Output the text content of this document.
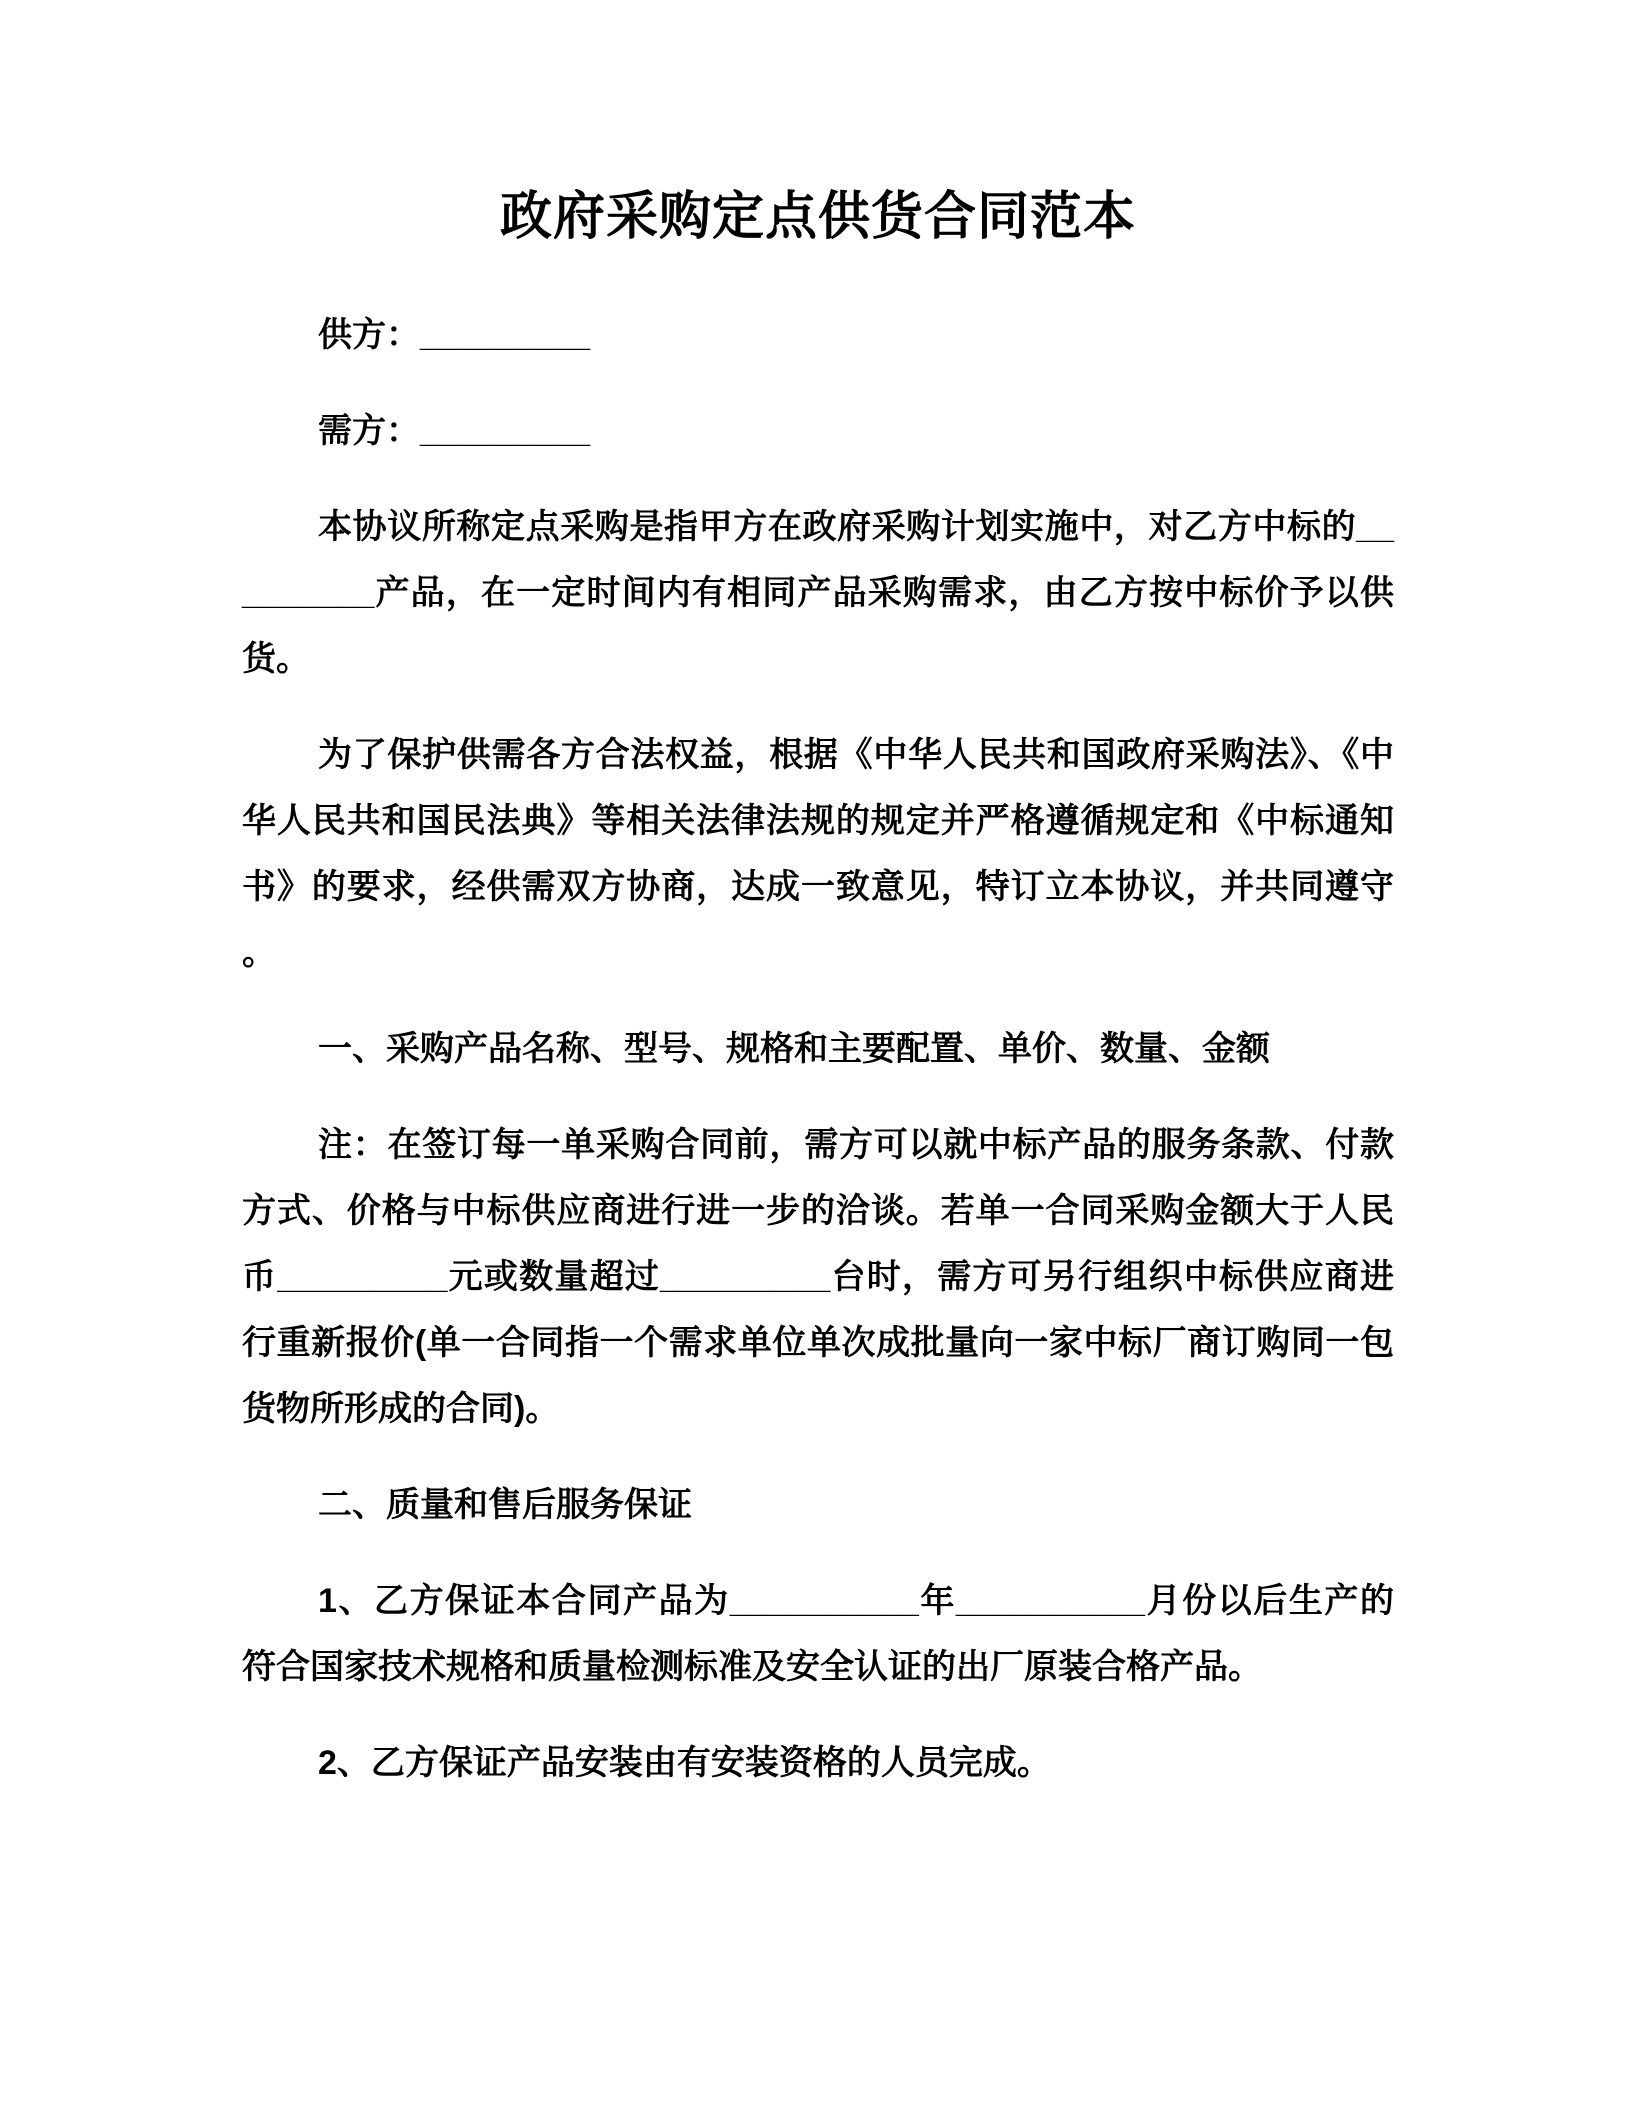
政府采购定点供货合同范本

供方：_________

需方：_________

本协议所称定点采购是指甲方在政府采购计划实施中，对乙方中标的_________产品，在一定时间内有相同产品采购需求，由乙方按中标价予以供货。

为了保护供需各方合法权益，根据《中华人民共和国政府采购法》、《中华人民共和国民法典》等相关法律法规的规定并严格遵循规定和《中标通知书》的要求，经供需双方协商，达成一致意见，特订立本协议，并共同遵守。

一、采购产品名称、型号、规格和主要配置、单价、数量、金额

注：在签订每一单采购合同前，需方可以就中标产品的服务条款、付款方式、价格与中标供应商进行进一步的洽谈。若单一合同采购金额大于人民币_________元或数量超过_________台时，需方可另行组织中标供应商进行重新报价(单一合同指一个需求单位单次成批量向一家中标厂商订购同一包货物所形成的合同)。

二、质量和售后服务保证

1、乙方保证本合同产品为__________年__________月份以后生产的符合国家技术规格和质量检测标准及安全认证的出厂原装合格产品。

2、乙方保证产品安装由有安装资格的人员完成。
